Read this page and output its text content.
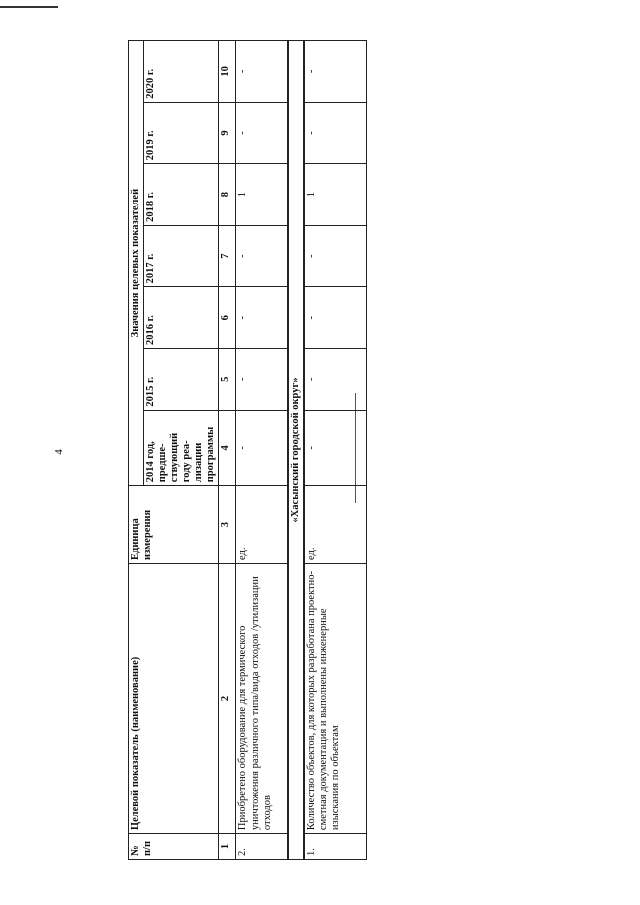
4
№ п/п	Целевой показатель (наименование)	Единица измерения	Значения целевых показателей						
			2014 год, предше-ствующий году реа-лизации программы	2015 г.	2016 г.	2017 г.	2018 г.	2019 г.	2020 г.
1	2	3	4	5	6	7	8	9	10
2.	Приобретено оборудование для термического уничтожения различного типа/вида отходов /утилизации отходов	ед.	-	-	-	-	1	-	-
«Хасынский городской округ»									
1.	Количество объектов, для которых разработана проектно-сметная документация и выполнены инженерные изыскания по объектам	ед.	-	-	-	-	1	-	-
